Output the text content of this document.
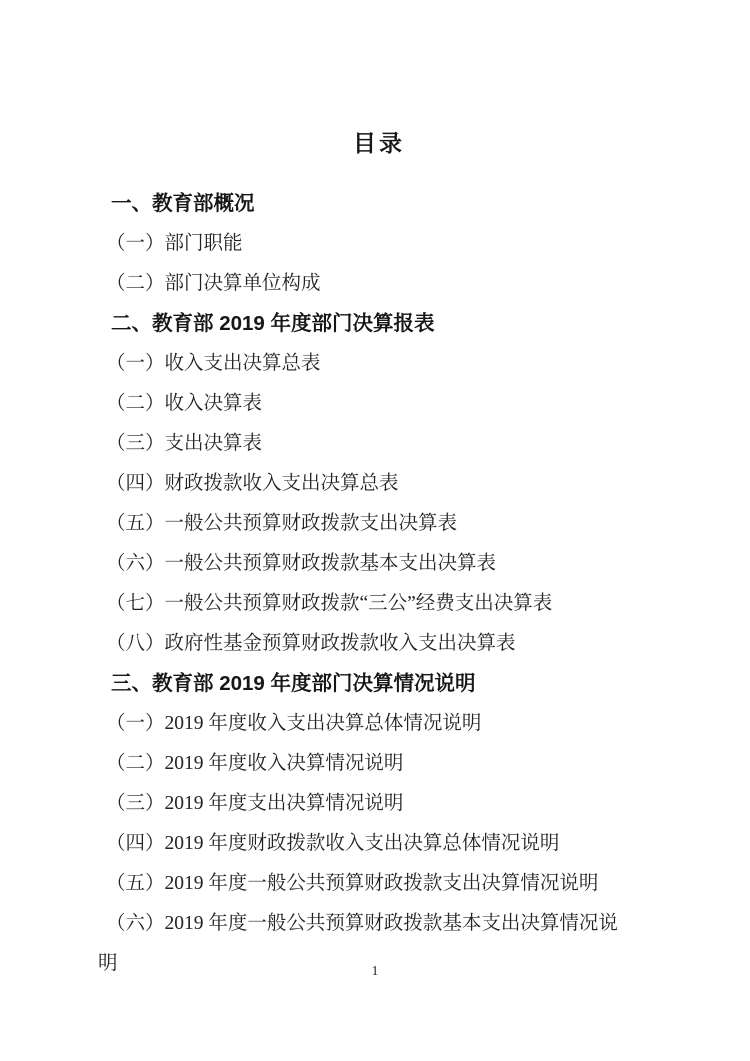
目录
一、教育部概况
（一）部门职能
（二）部门决算单位构成
二、教育部 2019 年度部门决算报表
（一）收入支出决算总表
（二）收入决算表
（三）支出决算表
（四）财政拨款收入支出决算总表
（五）一般公共预算财政拨款支出决算表
（六）一般公共预算财政拨款基本支出决算表
（七）一般公共预算财政拨款“三公”经费支出决算表
（八）政府性基金预算财政拨款收入支出决算表
三、教育部 2019 年度部门决算情况说明
（一）2019 年度收入支出决算总体情况说明
（二）2019 年度收入决算情况说明
（三）2019 年度支出决算情况说明
（四）2019 年度财政拨款收入支出决算总体情况说明
（五）2019 年度一般公共预算财政拨款支出决算情况说明
（六）2019 年度一般公共预算财政拨款基本支出决算情况说明	1
